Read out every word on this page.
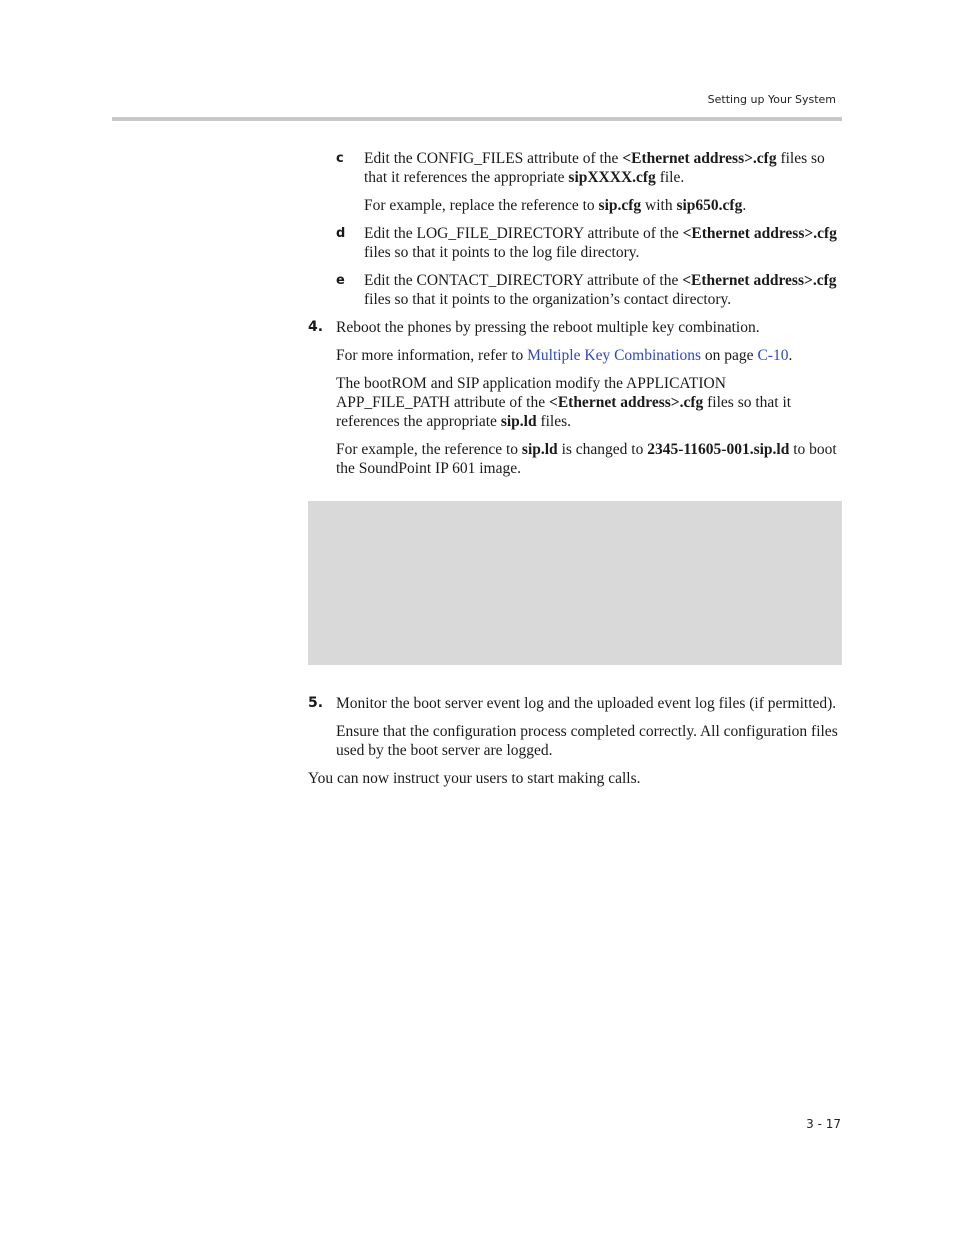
Setting up Your System
c Edit the CONFIG_FILES attribute of the <Ethernet address>.cfg files so that it references the appropriate sipXXXX.cfg file.

For example, replace the reference to sip.cfg with sip650.cfg.

d Edit the LOG_FILE_DIRECTORY attribute of the <Ethernet address>.cfg files so that it points to the log file directory.
e Edit the CONTACT_DIRECTORY attribute of the <Ethernet address>.cfg files so that it points to the organization’s contact directory.
4. Reboot the phones by pressing the reboot multiple key combination.

For more information, refer to Multiple Key Combinations on page C-10.

The bootROM and SIP application modify the APPLICATION APP_FILE_PATH attribute of the <Ethernet address>.cfg files so that it references the appropriate sip.ld files.

For example, the reference to sip.ld is changed to 2345-11605-001.sip.ld to boot the SoundPoint IP 601 image.

5. Monitor the boot server event log and the uploaded event log files (if permitted).

Ensure that the configuration process completed correctly. All configuration files used by the boot server are logged.

You can now instruct your users to start making calls.

3 - 17
